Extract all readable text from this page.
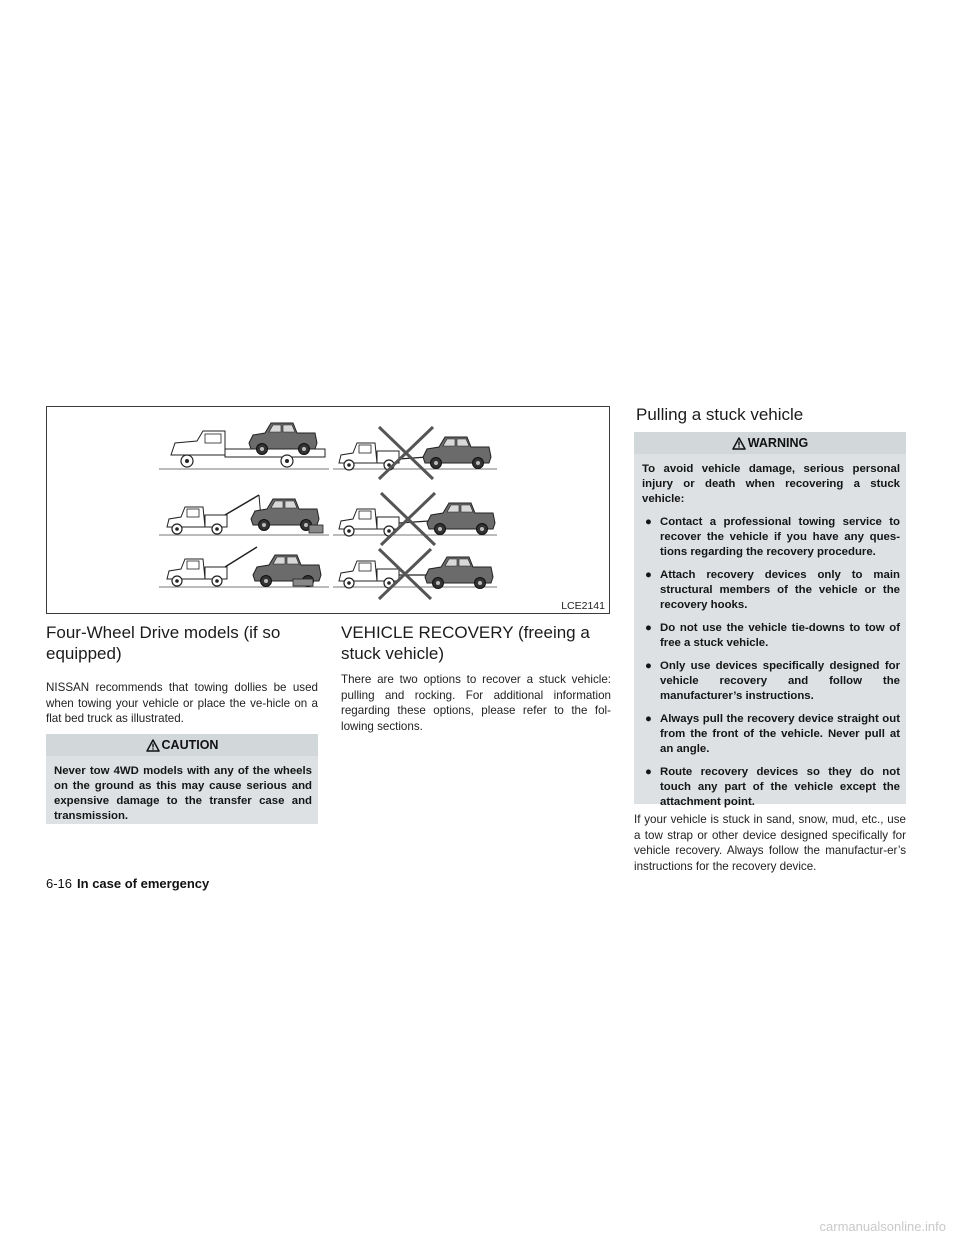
LCE2141
Four-Wheel Drive models (if so equipped)

NISSAN recommends that towing dollies be used when towing your vehicle or place the ve-hicle on a flat bed truck as illustrated.

CAUTION

Never tow 4WD models with any of the wheels on the ground as this may cause serious and expensive damage to the transfer case and transmission.

VEHICLE RECOVERY (freeing a stuck vehicle)

There are two options to recover a stuck vehicle: pulling and rocking. For additional information regarding these options, please refer to the fol-lowing sections.

Pulling a stuck vehicle
WARNING

To avoid vehicle damage, serious personal injury or death when recovering a stuck vehicle:

● Contact a professional towing service to recover the vehicle if you have any ques-tions regarding the recovery procedure.
● Attach recovery devices only to main structural members of the vehicle or the recovery hooks.
● Do not use the vehicle tie-downs to tow of free a stuck vehicle.
● Only use devices specifically designed for vehicle recovery and follow the manufacturer’s instructions.
● Always pull the recovery device straight out from the front of the vehicle. Never pull at an angle.
● Route recovery devices so they do not touch any part of the vehicle except the attachment point.

If your vehicle is stuck in sand, snow, mud, etc., use a tow strap or other device designed specifically for vehicle recovery. Always follow the manufactur-er’s instructions for the recovery device.

6-16 In case of emergency
carmanualsonline.info
